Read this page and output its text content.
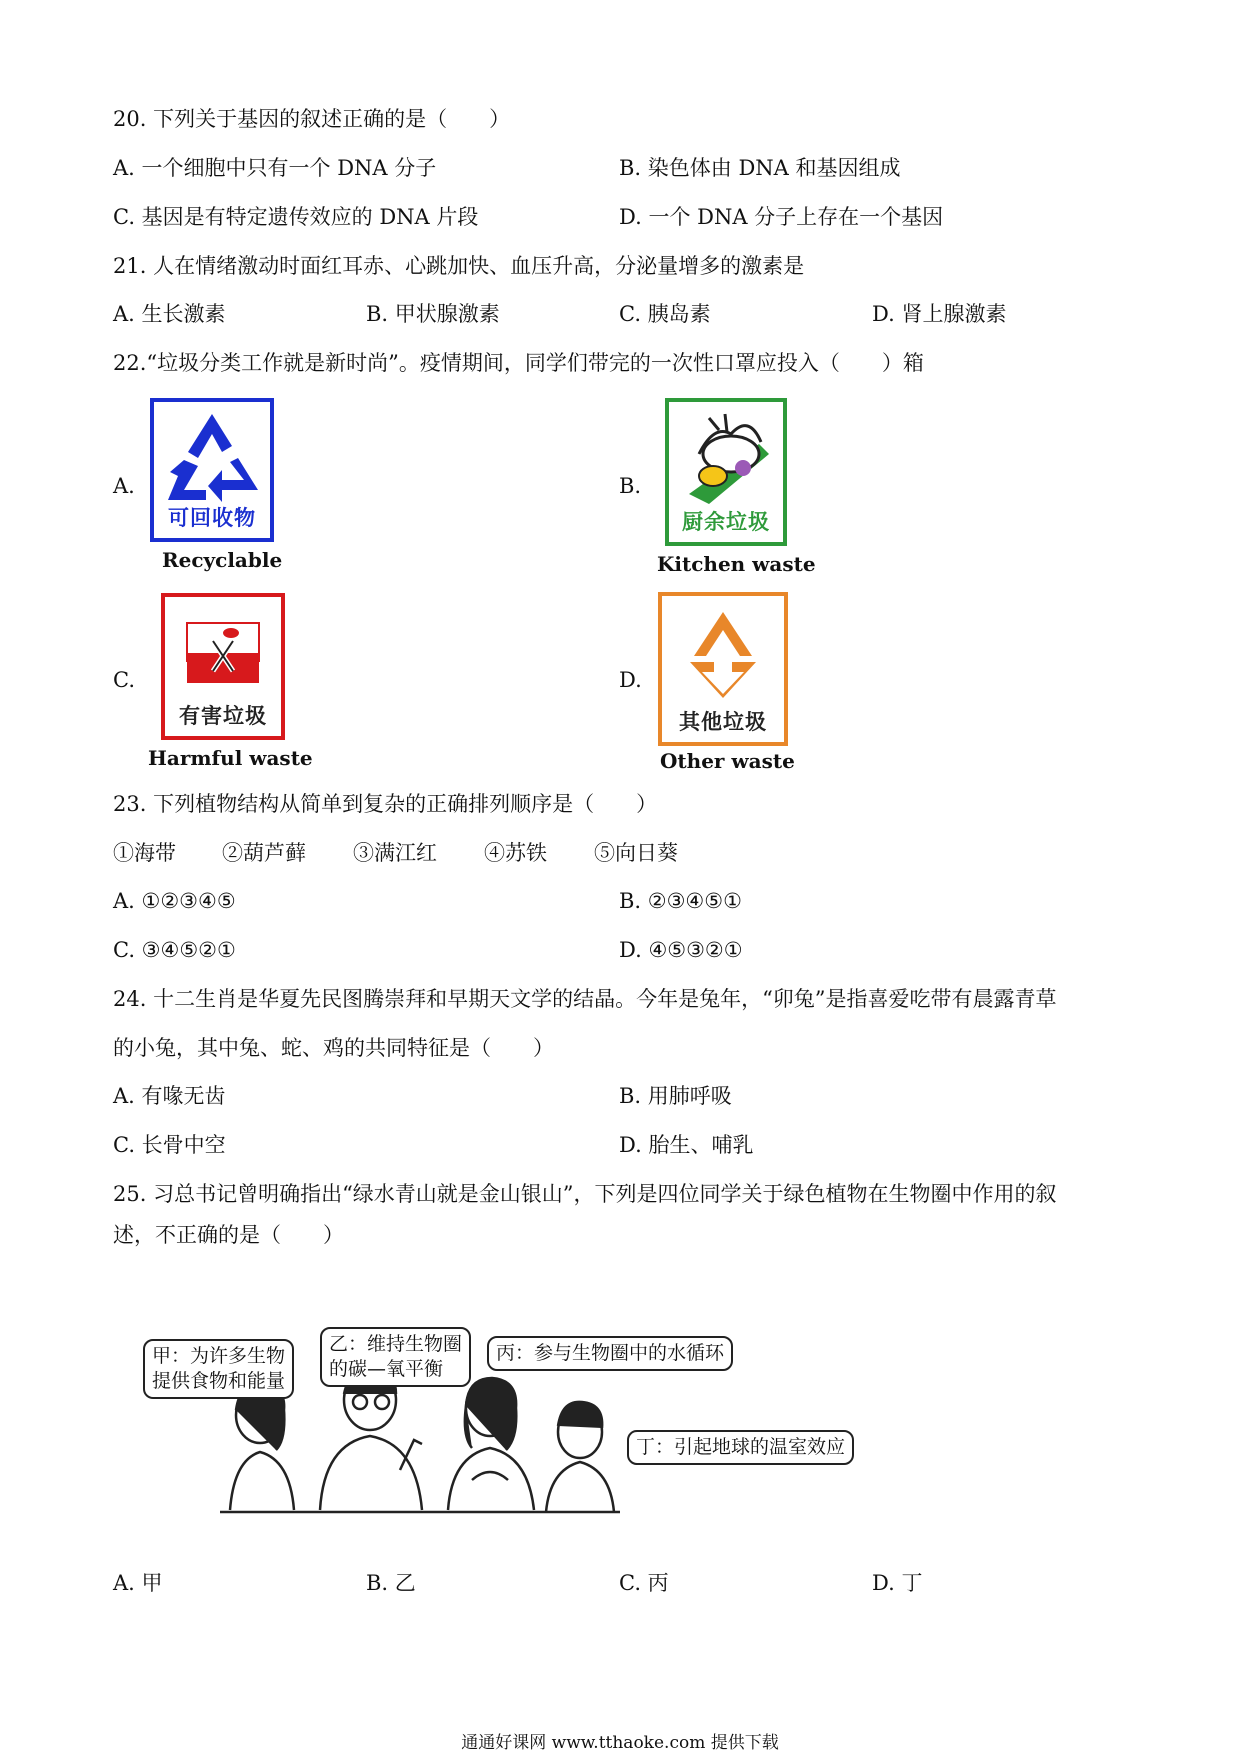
20. 下列关于基因的叙述正确的是（　　）
A. 一个细胞中只有一个 DNA 分子	B. 染色体由 DNA 和基因组成
C. 基因是有特定遗传效应的 DNA 片段	D. 一个 DNA 分子上存在一个基因
21. 人在情绪激动时面红耳赤、心跳加快、血压升高，分泌量增多的激素是
A. 生长激素	B. 甲状腺激素	C. 胰岛素	D. 肾上腺激素
22.“垃圾分类工作就是新时尚”。疫情期间，同学们带完的一次性口罩应投入（　　）箱
A.
可回收物
Recyclable
B.
厨余垃圾
Kitchen waste
C.
有害垃圾
Harmful waste
D.
其他垃圾
Other waste
23. 下列植物结构从简单到复杂的正确排列顺序是（　　）
①海带 ②葫芦藓 ③满江红 ④苏铁 ⑤向日葵
A. ①②③④⑤	B. ②③④⑤①
C. ③④⑤②①	D. ④⑤③②①
24. 十二生肖是华夏先民图腾崇拜和早期天文学的结晶。今年是兔年，“卯兔”是指喜爱吃带有晨露青草
的小兔，其中兔、蛇、鸡的共同特征是（　　）
A. 有喙无齿	B. 用肺呼吸
C. 长骨中空	D. 胎生、哺乳
25. 习总书记曾明确指出“绿水青山就是金山银山”，下列是四位同学关于绿色植物在生物圈中作用的叙
述，不正确的是（　　）
甲：为许多生物
提供食物和能量
乙：维持生物圈
的碳—氧平衡
丙：参与生物圈中的水循环
丁：引起地球的温室效应
A. 甲	B. 乙	C. 丙	D. 丁
通通好课网 www.tthaoke.com 提供下载
